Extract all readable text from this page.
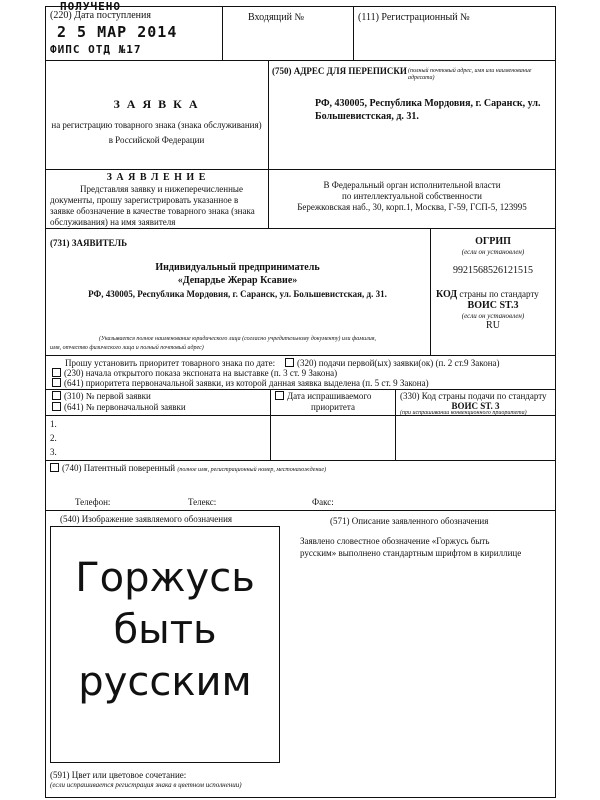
ПОЛУЧЕНО
(220) Дата поступления
2 5 МАР 2014
ФИПС ОТД №17
Входящий №	(111) Регистрационный №
З А Я В К А
на регистрацию товарного знака (знака обслуживания)
в Российской Федерации
(750) АДРЕС ДЛЯ ПЕРЕПИСКИ (полный почтовый адрес, имя или наименование адресата)
РФ, 430005, Республика Мордовия, г. Саранск, ул.
Большевистская, д. 31.
З А Я В Л Е Н И Е
Представляя заявку и нижеперечисленные
документы, прошу зарегистрировать указанное в
заявке обозначение в качестве товарного знака (знака
обслуживания) на имя заявителя
В Федеральный орган исполнительной власти
по интеллектуальной собственности
Бережковская наб., 30, корп.1, Москва, Г-59, ГСП-5, 123995
(731) ЗАЯВИТЕЛЬ
Индивидуальный предприниматель
«Депардье Жерар Ксавие»
РФ, 430005, Республика Мордовия, г. Саранск, ул. Большевистская, д. 31.
(Указывается полное наименование юридического лица (согласно учредительному документу) или фамилия,
имя, отчество физического лица и полный почтовый адрес)
ОГРИП
(если он установлен)
9921568526121515
КОД страны по стандарту
ВОИС ST.3
(если он установлен)
RU
Прошу установить приоритет товарного знака по дате:	(320) подачи первой(ых) заявки(ок) (п. 2 ст.9 Закона)
(230) начала открытого показа экспоната на выставке (п. 3 ст. 9 Закона)
(641) приоритета первоначальной заявки, из которой данная заявка выделена (п. 5 ст. 9 Закона)
(310) № первой заявки
(641) № первоначальной заявки
Дата испрашиваемого
приоритета
(330) Код страны подачи по стандарту
ВОИС ST. 3
(при испрашивании конвенционного приоритета)
1.
2.
3.
(740) Патентный поверенный (полное имя, регистрационный номер, местонахождение)
Телефон:	Телекс:	Факс:
(540) Изображение заявляемого обозначения	(571) Описание заявленного обозначения
Горжусь
быть
русским
Заявлено словестное обозначение «Горжусь быть
русским» выполнено стандартным шрифтом в кириллице
(591) Цвет или цветовое сочетание:
(если испрашивается регистрация знака в цветном исполнении)
